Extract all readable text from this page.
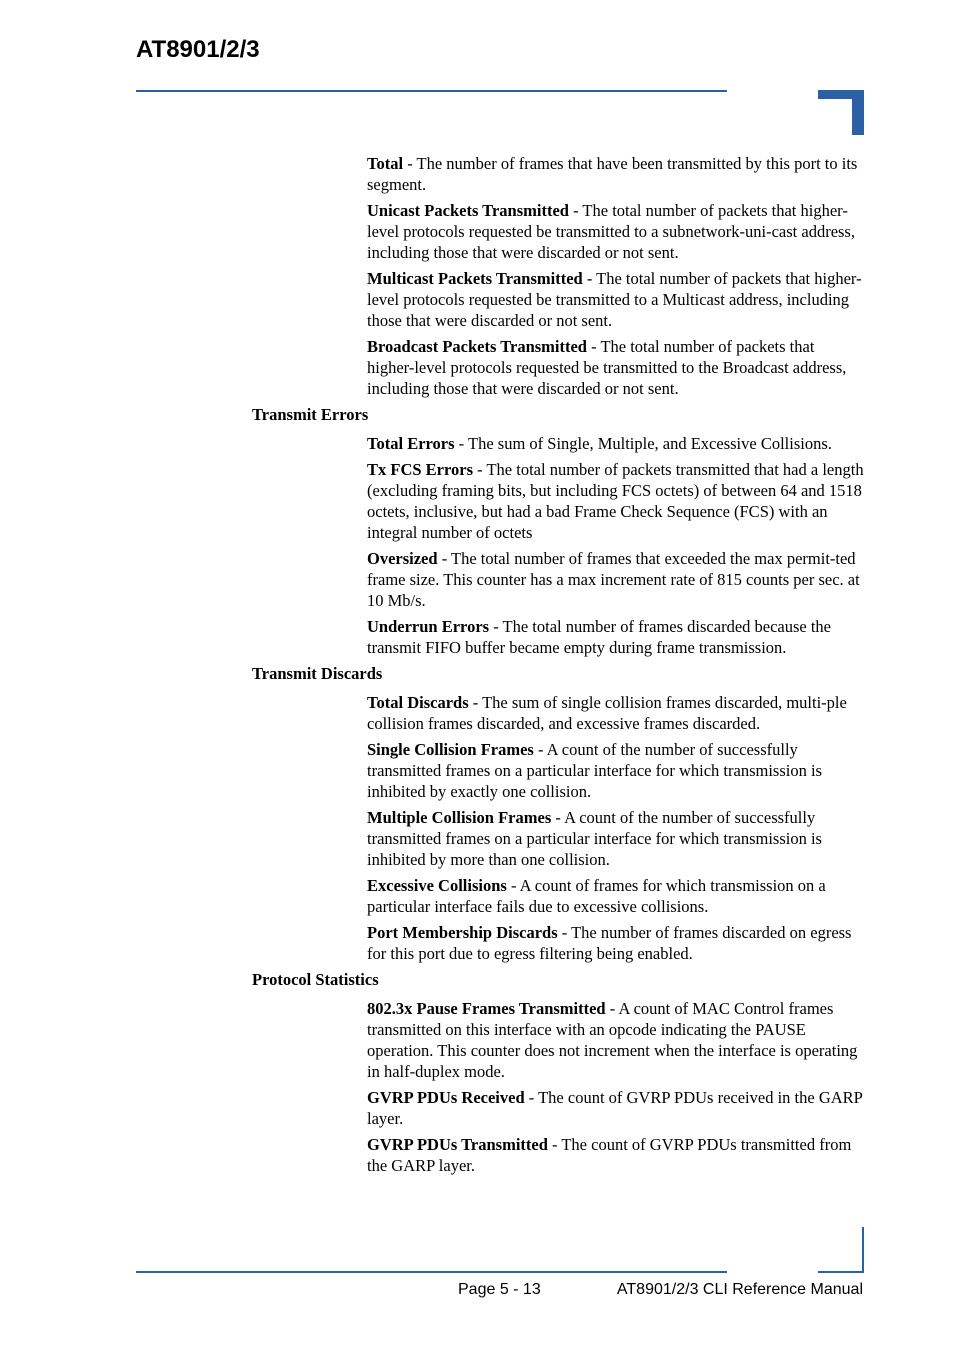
AT8901/2/3

Total - The number of frames that have been transmitted by this port to its segment.

Unicast Packets Transmitted - The total number of packets that higher-level protocols requested be transmitted to a subnetwork-uni-cast address, including those that were discarded or not sent.

Multicast Packets Transmitted - The total number of packets that higher-level protocols requested be transmitted to a Multicast address, including those that were discarded or not sent.

Broadcast Packets Transmitted - The total number of packets that higher-level protocols requested be transmitted to the Broadcast address, including those that were discarded or not sent.

Transmit Errors

Total Errors - The sum of Single, Multiple, and Excessive Collisions.

Tx FCS Errors - The total number of packets transmitted that had a length (excluding framing bits, but including FCS octets) of between 64 and 1518 octets, inclusive, but had a bad Frame Check Sequence (FCS) with an integral number of octets

Oversized - The total number of frames that exceeded the max permit-ted frame size. This counter has a max increment rate of 815 counts per sec. at 10 Mb/s.

Underrun Errors - The total number of frames discarded because the transmit FIFO buffer became empty during frame transmission.

Transmit Discards

Total Discards - The sum of single collision frames discarded, multi-ple collision frames discarded, and excessive frames discarded.

Single Collision Frames - A count of the number of successfully transmitted frames on a particular interface for which transmission is inhibited by exactly one collision.

Multiple Collision Frames - A count of the number of successfully transmitted frames on a particular interface for which transmission is inhibited by more than one collision.

Excessive Collisions - A count of frames for which transmission on a particular interface fails due to excessive collisions.

Port Membership Discards - The number of frames discarded on egress for this port due to egress filtering being enabled.

Protocol Statistics

802.3x Pause Frames Transmitted - A count of MAC Control frames transmitted on this interface with an opcode indicating the PAUSE operation. This counter does not increment when the interface is operating in half-duplex mode.

GVRP PDUs Received - The count of GVRP PDUs received in the GARP layer.

GVRP PDUs Transmitted - The count of GVRP PDUs transmitted from the GARP layer.

Page 5 - 13	AT8901/2/3 CLI Reference Manual
